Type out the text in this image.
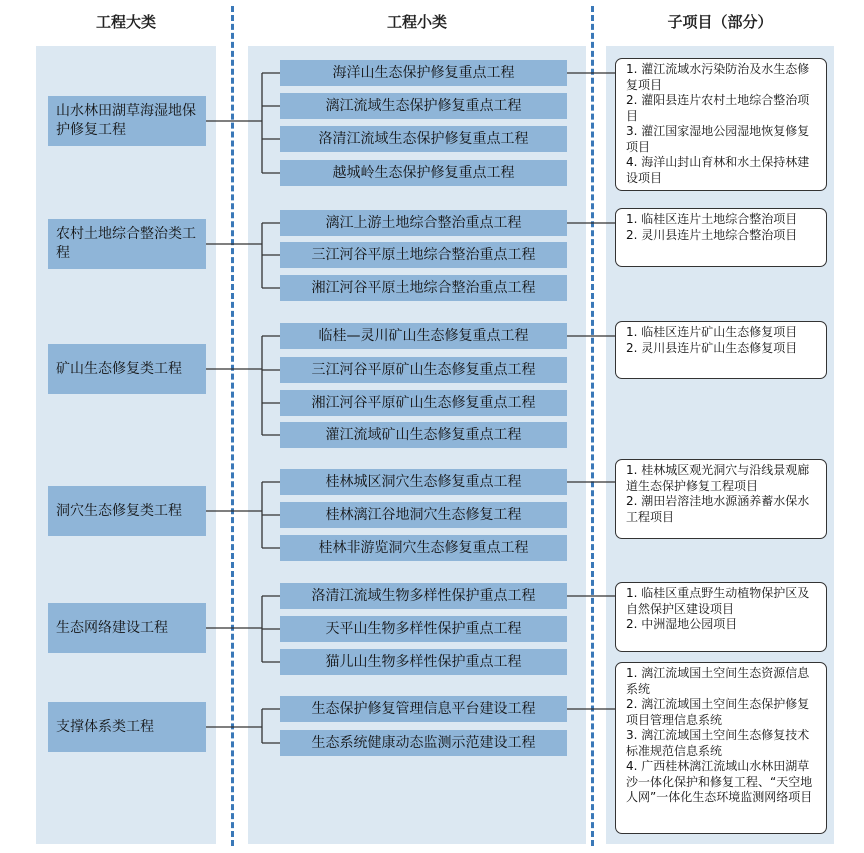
工程大类	工程小类	子项目（部分）
山水林田湖草海湿地保护修复工程
农村土地综合整治类工程
矿山生态修复类工程
洞穴生态修复类工程
生态网络建设工程
支撑体系类工程
海洋山生态保护修复重点工程
漓江流域生态保护修复重点工程
洛清江流域生态保护修复重点工程
越城岭生态保护修复重点工程
漓江上游土地综合整治重点工程
三江河谷平原土地综合整治重点工程
湘江河谷平原土地综合整治重点工程
临桂—灵川矿山生态修复重点工程
三江河谷平原矿山生态修复重点工程
湘江河谷平原矿山生态修复重点工程
灌江流域矿山生态修复重点工程
桂林城区洞穴生态修复重点工程
桂林漓江谷地洞穴生态修复工程
桂林非游览洞穴生态修复重点工程
洛清江流域生物多样性保护重点工程
天平山生物多样性保护重点工程
猫儿山生物多样性保护重点工程
生态保护修复管理信息平台建设工程
生态系统健康动态监测示范建设工程
1. 灌江流域水污染防治及水生态修复项目
2. 灌阳县连片农村土地综合整治项目
3. 灌江国家湿地公园湿地恢复修复项目
4. 海洋山封山育林和水土保持林建设项目
1. 临桂区连片土地综合整治项目
2. 灵川县连片土地综合整治项目
1. 临桂区连片矿山生态修复项目
2. 灵川县连片矿山生态修复项目
1. 桂林城区观光洞穴与沿线景观廊道生态保护修复工程项目
2. 潮田岩溶洼地水源涵养蓄水保水工程项目
1. 临桂区重点野生动植物保护区及自然保护区建设项目
2. 中洲湿地公园项目
1. 漓江流域国土空间生态资源信息系统
2. 漓江流域国土空间生态保护修复项目管理信息系统
3. 漓江流域国土空间生态修复技术标准规范信息系统
4. 广西桂林漓江流域山水林田湖草沙一体化保护和修复工程、“天空地人网”一体化生态环境监测网络项目
